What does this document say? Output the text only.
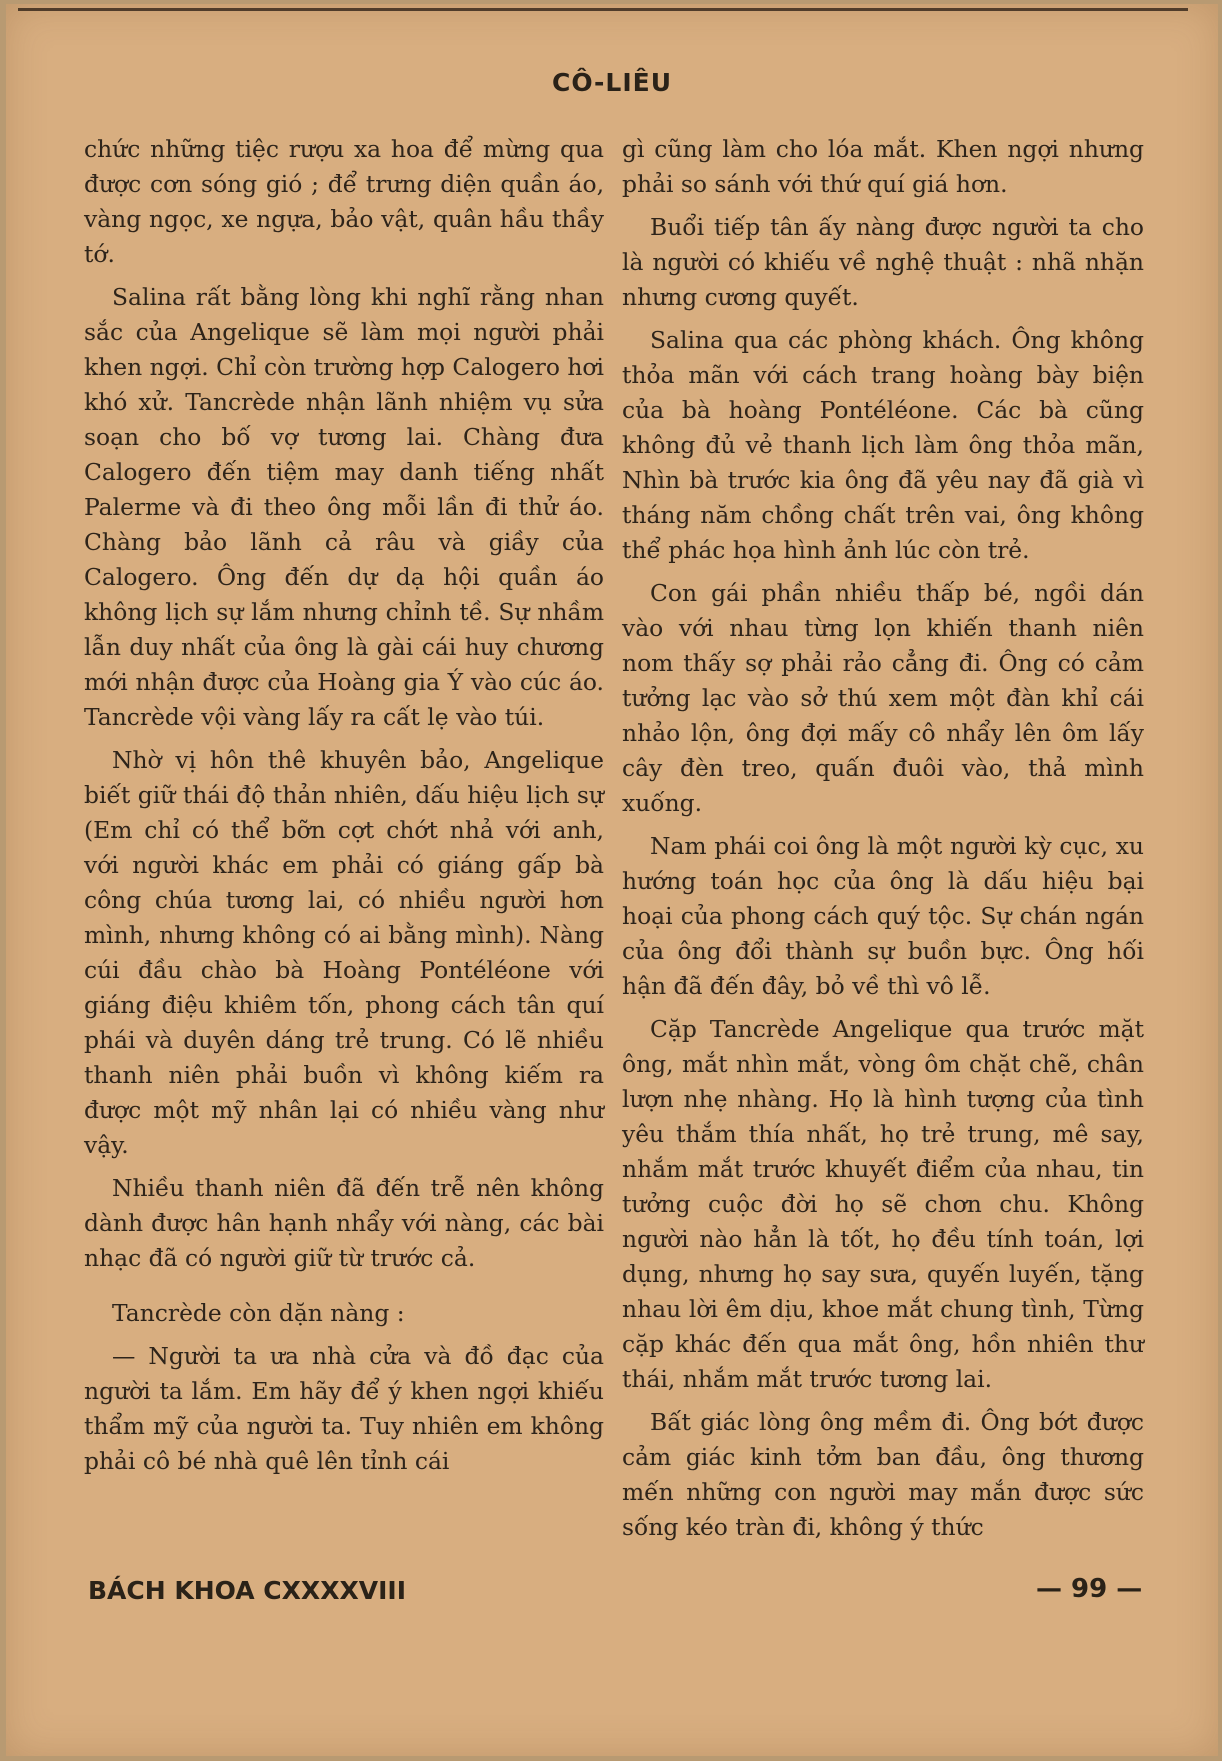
CÔ-LIÊU

chức những tiệc rượu xa hoa để mừng qua được cơn sóng gió ; để trưng diện quần áo, vàng ngọc, xe ngựa, bảo vật, quân hầu thầy tớ.

Salina rất bằng lòng khi nghĩ rằng nhan sắc của Angelique sẽ làm mọi người phải khen ngợi. Chỉ còn trường hợp Calogero hơi khó xử. Tancrède nhận lãnh nhiệm vụ sửa soạn cho bố vợ tương lai. Chàng đưa Calogero đến tiệm may danh tiếng nhất Palerme và đi theo ông mỗi lần đi thử áo. Chàng bảo lãnh cả râu và giầy của Calogero. Ông đến dự dạ hội quần áo không lịch sự lắm nhưng chỉnh tề. Sự nhầm lẫn duy nhất của ông là gài cái huy chương mới nhận được của Hoàng gia Ý vào cúc áo. Tancrède vội vàng lấy ra cất lẹ vào túi.

Nhờ vị hôn thê khuyên bảo, Angelique biết giữ thái độ thản nhiên, dấu hiệu lịch sự (Em chỉ có thể bỡn cợt chớt nhả với anh, với người khác em phải có giáng gấp bà công chúa tương lai, có nhiều người hơn mình, nhưng không có ai bằng mình). Nàng cúi đầu chào bà Hoàng Pontéléone với giáng điệu khiêm tốn, phong cách tân quí phái và duyên dáng trẻ trung. Có lẽ nhiều thanh niên phải buồn vì không kiếm ra được một mỹ nhân lại có nhiều vàng như vậy.

Nhiều thanh niên đã đến trễ nên không dành được hân hạnh nhẩy với nàng, các bài nhạc đã có người giữ từ trước cả.

Tancrède còn dặn nàng :

— Người ta ưa nhà cửa và đồ đạc của người ta lắm. Em hãy để ý khen ngợi khiếu thẩm mỹ của người ta. Tuy nhiên em không phải cô bé nhà quê lên tỉnh cái

gì cũng làm cho lóa mắt. Khen ngợi nhưng phải so sánh với thứ quí giá hơn.

Buổi tiếp tân ấy nàng được người ta cho là người có khiếu về nghệ thuật : nhã nhặn nhưng cương quyết.

Salina qua các phòng khách. Ông không thỏa mãn với cách trang hoàng bày biện của bà hoàng Pontéléone. Các bà cũng không đủ vẻ thanh lịch làm ông thỏa mãn, Nhìn bà trước kia ông đã yêu nay đã già vì tháng năm chồng chất trên vai, ông không thể phác họa hình ảnh lúc còn trẻ.

Con gái phần nhiều thấp bé, ngồi dán vào với nhau từng lọn khiến thanh niên nom thấy sợ phải rảo cẳng đi. Ông có cảm tưởng lạc vào sở thú xem một đàn khỉ cái nhảo lộn, ông đợi mấy cô nhẩy lên ôm lấy cây đèn treo, quấn đuôi vào, thả mình xuống.

Nam phái coi ông là một người kỳ cục, xu hướng toán học của ông là dấu hiệu bại hoại của phong cách quý tộc. Sự chán ngán của ông đổi thành sự buồn bực. Ông hối hận đã đến đây, bỏ về thì vô lễ.

Cặp Tancrède Angelique qua trước mặt ông, mắt nhìn mắt, vòng ôm chặt chẽ, chân lượn nhẹ nhàng. Họ là hình tượng của tình yêu thắm thía nhất, họ trẻ trung, mê say, nhắm mắt trước khuyết điểm của nhau, tin tưởng cuộc đời họ sẽ chơn chu. Không người nào hẳn là tốt, họ đều tính toán, lợi dụng, nhưng họ say sưa, quyến luyến, tặng nhau lời êm dịu, khoe mắt chung tình, Từng cặp khác đến qua mắt ông, hồn nhiên thư thái, nhắm mắt trước tương lai.

Bất giác lòng ông mềm đi. Ông bớt được cảm giác kinh tởm ban đầu, ông thương mến những con người may mắn được sức sống kéo tràn đi, không ý thức

BÁCH KHOA CXXXXVIII	— 99 —
